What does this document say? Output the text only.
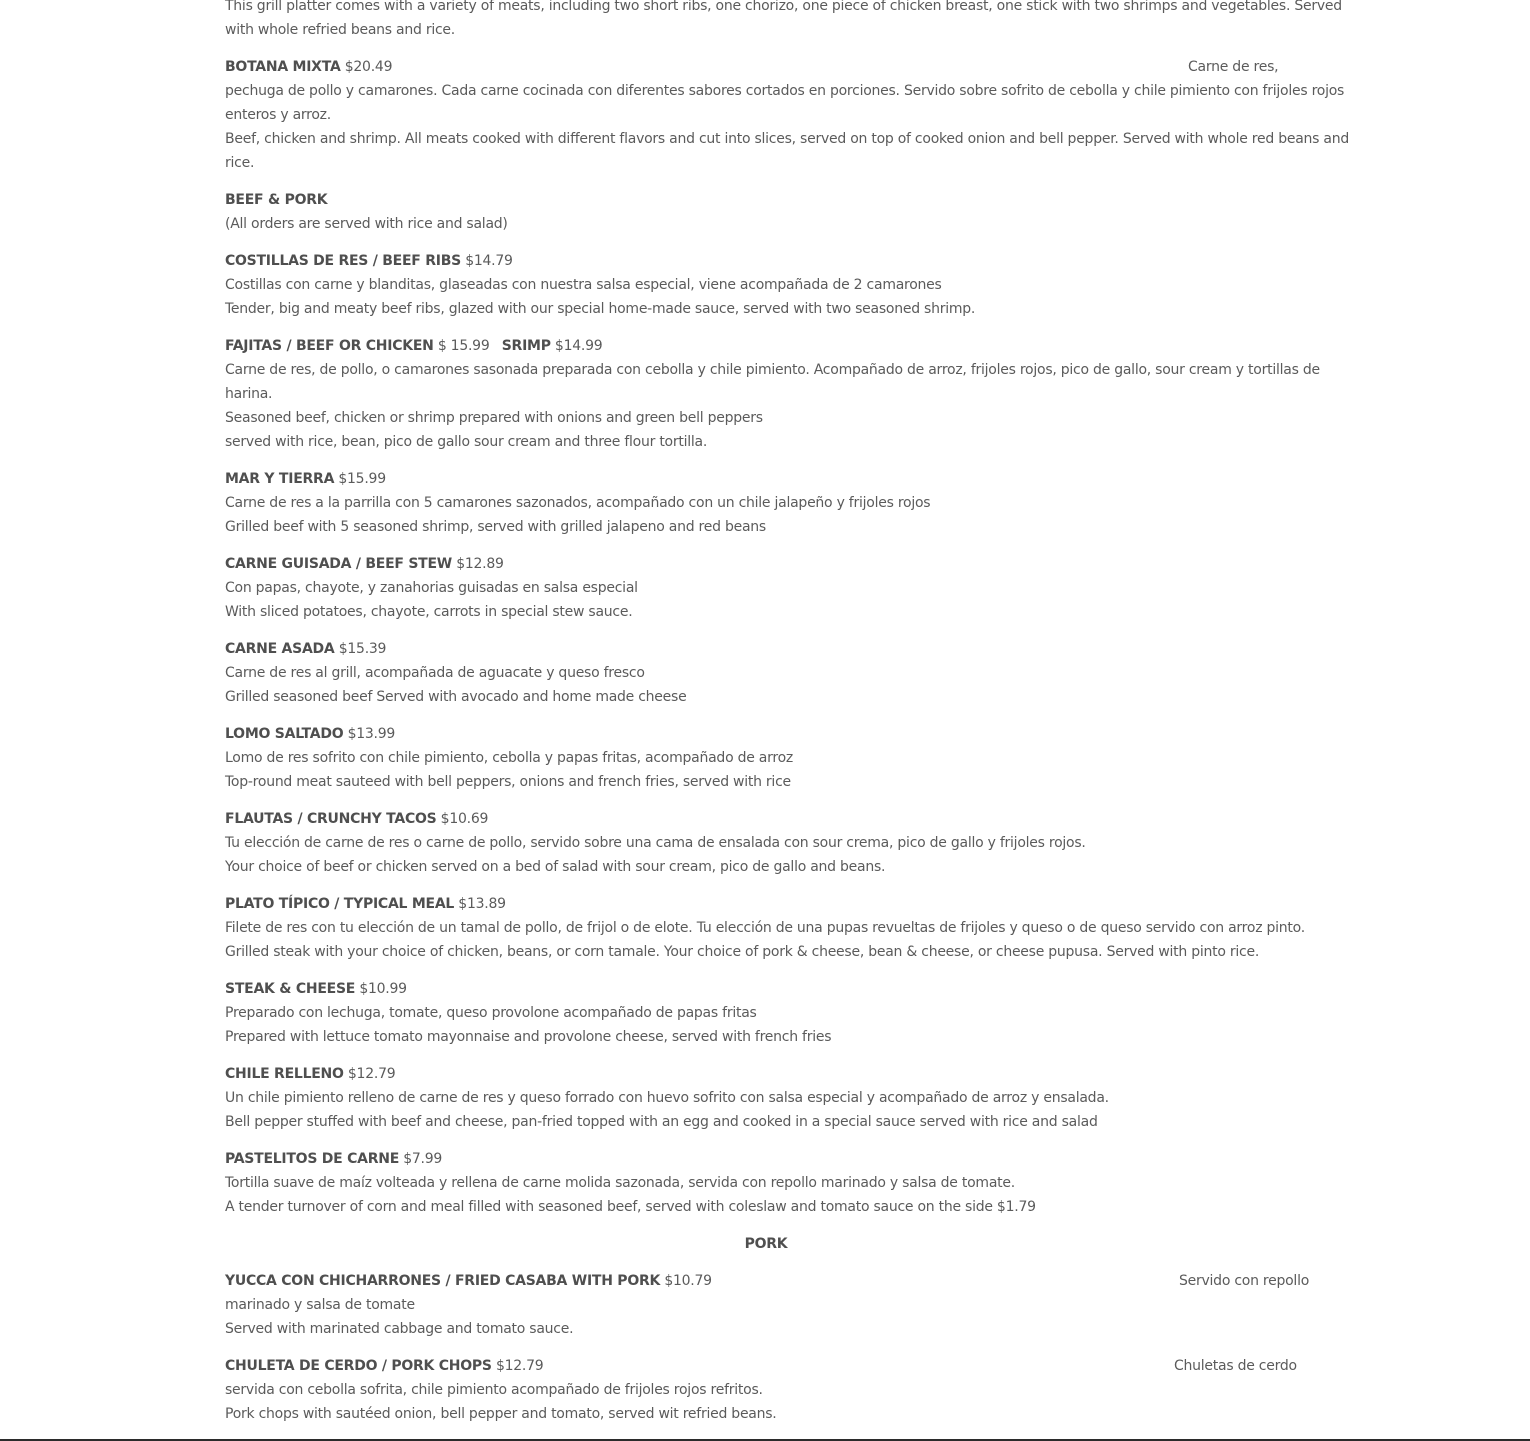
This grill platter comes with a variety of meats, including two short ribs, one chorizo, one piece of chicken breast, one stick with two shrimps and vegetables. Served
with whole refried beans and rice.
BOTANA MIXTA $20.49	Carne de res,
pechuga de pollo y camarones. Cada carne cocinada con diferentes sabores cortados en porciones. Servido sobre sofrito de cebolla y chile pimiento con frijoles rojos
enteros y arroz.
Beef, chicken and shrimp. All meats cooked with different flavors and cut into slices, served on top of cooked onion and bell pepper. Served with whole red beans and
rice.
BEEF & PORK
(All orders are served with rice and salad)
COSTILLAS DE RES / BEEF RIBS $14.79
Costillas con carne y blanditas, glaseadas con nuestra salsa especial, viene acompañada de 2 camarones
Tender, big and meaty beef ribs, glazed with our special home-made sauce, served with two seasoned shrimp.
FAJITAS / BEEF OR CHICKEN $ 15.99 SRIMP $14.99
Carne de res, de pollo, o camarones sasonada preparada con cebolla y chile pimiento. Acompañado de arroz, frijoles rojos, pico de gallo, sour cream y tortillas de
harina.
Seasoned beef, chicken or shrimp prepared with onions and green bell peppers
served with rice, bean, pico de gallo sour cream and three flour tortilla.
MAR Y TIERRA $15.99
Carne de res a la parrilla con 5 camarones sazonados, acompañado con un chile jalapeño y frijoles rojos
Grilled beef with 5 seasoned shrimp, served with grilled jalapeno and red beans
CARNE GUISADA / BEEF STEW $12.89
Con papas, chayote, y zanahorias guisadas en salsa especial
With sliced potatoes, chayote, carrots in special stew sauce.
CARNE ASADA $15.39
Carne de res al grill, acompañada de aguacate y queso fresco
Grilled seasoned beef Served with avocado and home made cheese
LOMO SALTADO $13.99
Lomo de res sofrito con chile pimiento, cebolla y papas fritas, acompañado de arroz
Top-round meat sauteed with bell peppers, onions and french fries, served with rice
FLAUTAS / CRUNCHY TACOS $10.69
Tu elección de carne de res o carne de pollo, servido sobre una cama de ensalada con sour crema, pico de gallo y frijoles rojos.
Your choice of beef or chicken served on a bed of salad with sour cream, pico de gallo and beans.
PLATO TÍPICO / TYPICAL MEAL $13.89
Filete de res con tu elección de un tamal de pollo, de frijol o de elote. Tu elección de una pupas revueltas de frijoles y queso o de queso servido con arroz pinto.
Grilled steak with your choice of chicken, beans, or corn tamale. Your choice of pork & cheese, bean & cheese, or cheese pupusa. Served with pinto rice.
STEAK & CHEESE $10.99
Preparado con lechuga, tomate, queso provolone acompañado de papas fritas
Prepared with lettuce tomato mayonnaise and provolone cheese, served with french fries
CHILE RELLENO $12.79
Un chile pimiento relleno de carne de res y queso forrado con huevo sofrito con salsa especial y acompañado de arroz y ensalada.
Bell pepper stuffed with beef and cheese, pan-fried topped with an egg and cooked in a special sauce served with rice and salad
PASTELITOS DE CARNE $7.99
Tortilla suave de maíz volteada y rellena de carne molida sazonada, servida con repollo marinado y salsa de tomate.
A tender turnover of corn and meal filled with seasoned beef, served with coleslaw and tomato sauce on the side $1.79
PORK
YUCCA CON CHICHARRONES / FRIED CASABA WITH PORK $10.79	Servido con repollo
marinado y salsa de tomate
Served with marinated cabbage and tomato sauce.
CHULETA DE CERDO / PORK CHOPS $12.79	Chuletas de cerdo
servida con cebolla sofrita, chile pimiento acompañado de frijoles rojos refritos.
Pork chops with sautéed onion, bell pepper and tomato, served wit refried beans.
